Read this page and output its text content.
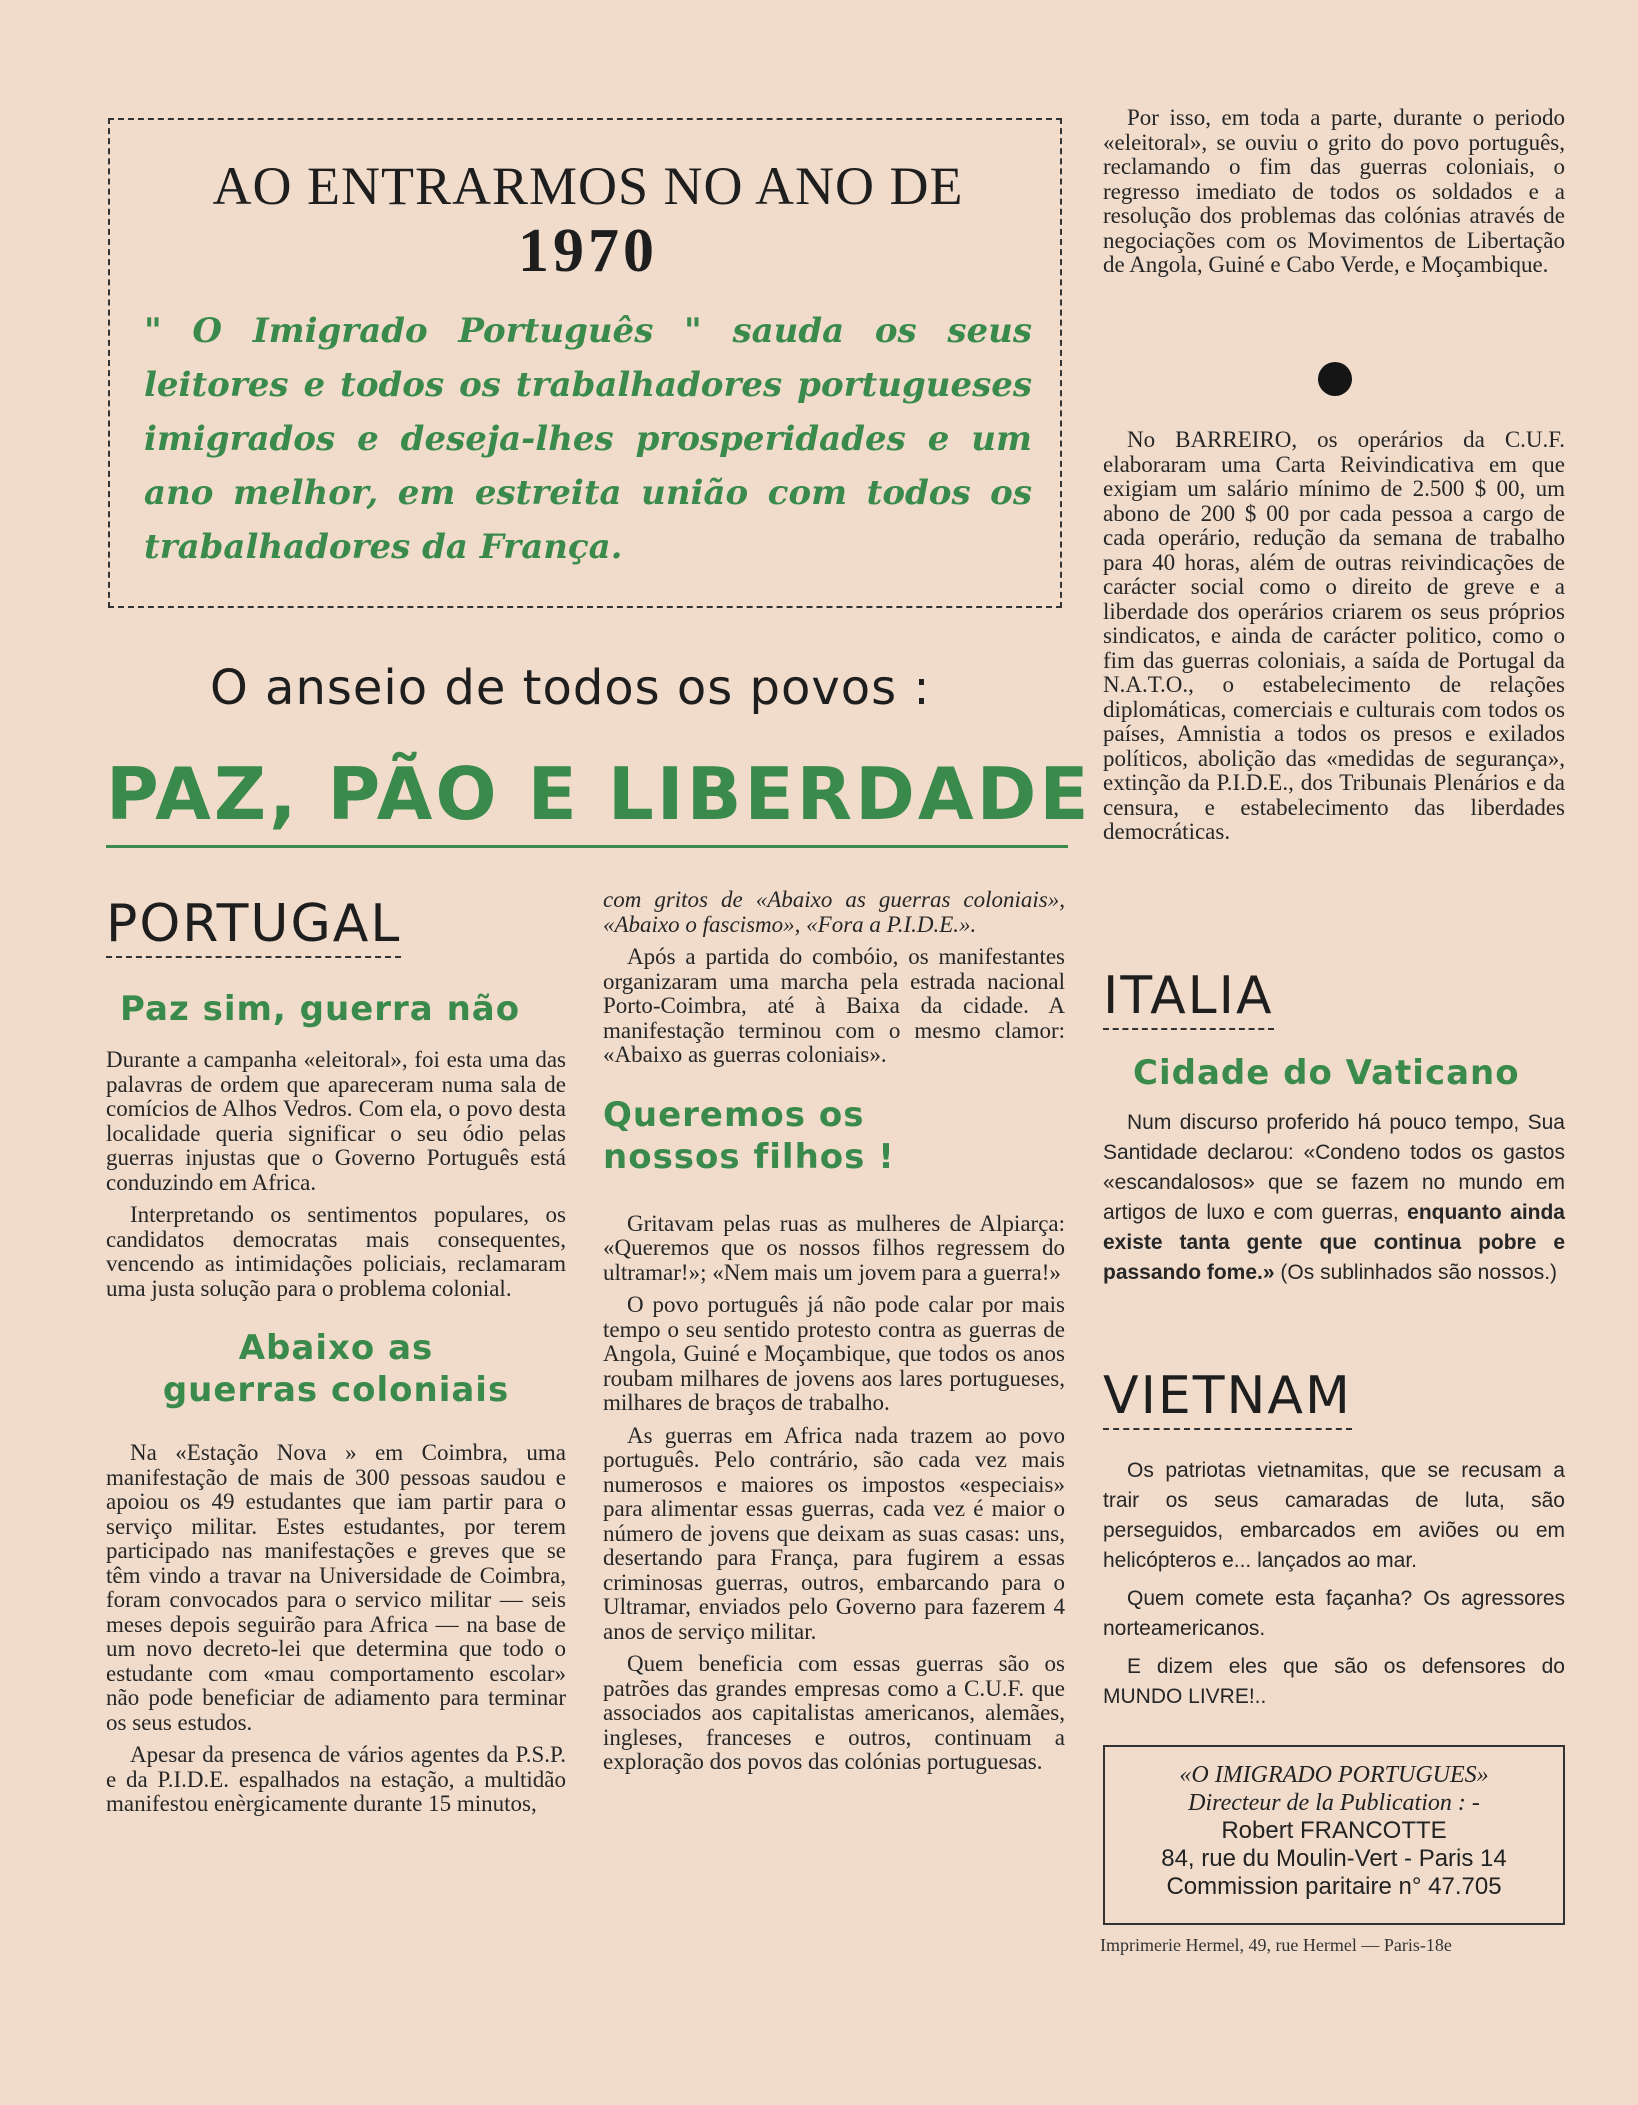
AO ENTRARMOS NO ANO DE
1970
" O Imigrado Português " sauda os seus leitores e todos os trabalhadores portugueses imigrados e deseja-lhes prosperidades e um ano melhor, em estreita união com todos os trabalhadores da França.
O anseio de todos os povos :
PAZ, PÃO E LIBERDADE
PORTUGAL
Paz sim, guerra não

Durante a campanha «eleitoral», foi esta uma das palavras de ordem que apareceram numa sala de comícios de Alhos Vedros. Com ela, o povo desta localidade queria significar o seu ódio pelas guerras injustas que o Governo Português está conduzindo em Africa.

Interpretando os sentimentos populares, os candidatos democratas mais consequentes, vencendo as intimidações policiais, reclamaram uma justa solução para o problema colonial.

Abaixo as
guerras coloniais

Na «Estação Nova » em Coimbra, uma manifestação de mais de 300 pessoas saudou e apoiou os 49 estudantes que iam partir para o serviço militar. Estes estudantes, por terem participado nas manifestações e greves que se têm vindo a travar na Universidade de Coimbra, foram convocados para o servico militar — seis meses depois seguirão para Africa — na base de um novo decreto-lei que determina que todo o estudante com «mau comportamento escolar» não pode beneficiar de adiamento para terminar os seus estudos.

Apesar da presenca de vários agentes da P.S.P. e da P.I.D.E. espalhados na estação, a multidão manifestou enèrgicamente durante 15 minutos,

com gritos de «Abaixo as guerras coloniais», «Abaixo o fascismo», «Fora a P.I.D.E.».

Após a partida do combóio, os manifestantes organizaram uma marcha pela estrada nacional Porto-Coimbra, até à Baixa da cidade. A manifestação terminou com o mesmo clamor: «Abaixo as guerras coloniais».

Queremos os
nossos filhos !

Gritavam pelas ruas as mulheres de Alpiarça: «Queremos que os nossos filhos regressem do ultramar!»; «Nem mais um jovem para a guerra!»

O povo português já não pode calar por mais tempo o seu sentido protesto contra as guerras de Angola, Guiné e Moçambique, que todos os anos roubam milhares de jovens aos lares portugueses, milhares de braços de trabalho.

As guerras em Africa nada trazem ao povo português. Pelo contrário, são cada vez mais numerosos e maiores os impostos «especiais» para alimentar essas guerras, cada vez é maior o número de jovens que deixam as suas casas: uns, desertando para França, para fugirem a essas criminosas guerras, outros, embarcando para o Ultramar, enviados pelo Governo para fazerem 4 anos de serviço militar.

Quem beneficia com essas guerras são os patrões das grandes empresas como a C.U.F. que associados aos capitalistas americanos, alemães, ingleses, franceses e outros, continuam a exploração dos povos das colónias portuguesas.

Por isso, em toda a parte, durante o periodo «eleitoral», se ouviu o grito do povo português, reclamando o fim das guerras coloniais, o regresso imediato de todos os soldados e a resolução dos problemas das colónias através de negociações com os Movimentos de Libertação de Angola, Guiné e Cabo Verde, e Moçambique.

No BARREIRO, os operários da C.U.F. elaboraram uma Carta Reivindicativa em que exigiam um salário mínimo de 2.500 $ 00, um abono de 200 $ 00 por cada pessoa a cargo de cada operário, redução da semana de trabalho para 40 horas, além de outras reivindicações de carácter social como o direito de greve e a liberdade dos operários criarem os seus próprios sindicatos, e ainda de carácter politico, como o fim das guerras coloniais, a saída de Portugal da N.A.T.O., o estabelecimento de relações diplomáticas, comerciais e culturais com todos os países, Amnistia a todos os presos e exilados políticos, abolição das «medidas de segurança», extinção da P.I.D.E., dos Tribunais Plenários e da censura, e estabelecimento das liberdades democráticas.

ITALIA
Cidade do Vaticano

Num discurso proferido há pouco tempo, Sua Santidade declarou: «Condeno todos os gastos «escandalosos» que se fazem no mundo em artigos de luxo e com guerras, enquanto ainda existe tanta gente que continua pobre e passando fome.» (Os sublinhados são nossos.)

VIETNAM

Os patriotas vietnamitas, que se recusam a trair os seus camaradas de luta, são perseguidos, embarcados em aviões ou em helicópteros e... lançados ao mar.

Quem comete esta façanha? Os agressores norteamericanos.

E dizem eles que são os defensores do MUNDO LIVRE!..

«O IMIGRADO PORTUGUES»
Directeur de la Publication : -
Robert FRANCOTTE
84, rue du Moulin-Vert - Paris 14
Commission paritaire n° 47.705
Imprimerie Hermel, 49, rue Hermel — Paris-18e
